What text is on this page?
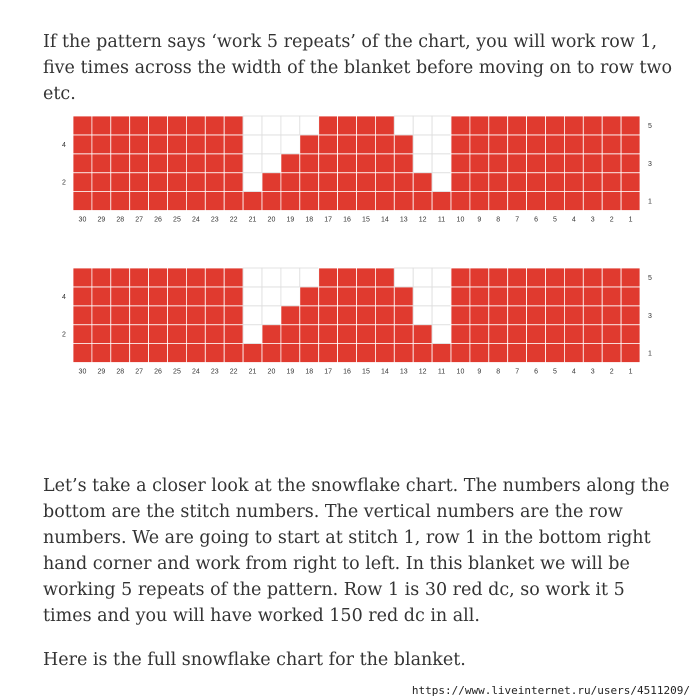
If the pattern says ‘work 5 repeats’ of the chart, you will work row 1, five times across the width of the blanket before moving on to row two etc.

30 29 28 27 26 25 24 23 22 21 20 19 18 17 16 15 14 13 12 11 10 9 8 7 6 5 4 3 2 1
4
2
5
3
1
30 29 28 27 26 25 24 23 22 21 20 19 18 17 16 15 14 13 12 11 10 9 8 7 6 5 4 3 2 1
4
2
5
3
1

Let’s take a closer look at the snowflake chart. The numbers along the bottom are the stitch numbers. The vertical numbers are the row numbers. We are going to start at stitch 1, row 1 in the bottom right hand corner and work from right to left. In this blanket we will be working 5 repeats of the pattern. Row 1 is 30 red dc, so work it 5 times and you will have worked 150 red dc in all.

Here is the full snowflake chart for the blanket.

https://www.liveinternet.ru/users/4511209/
